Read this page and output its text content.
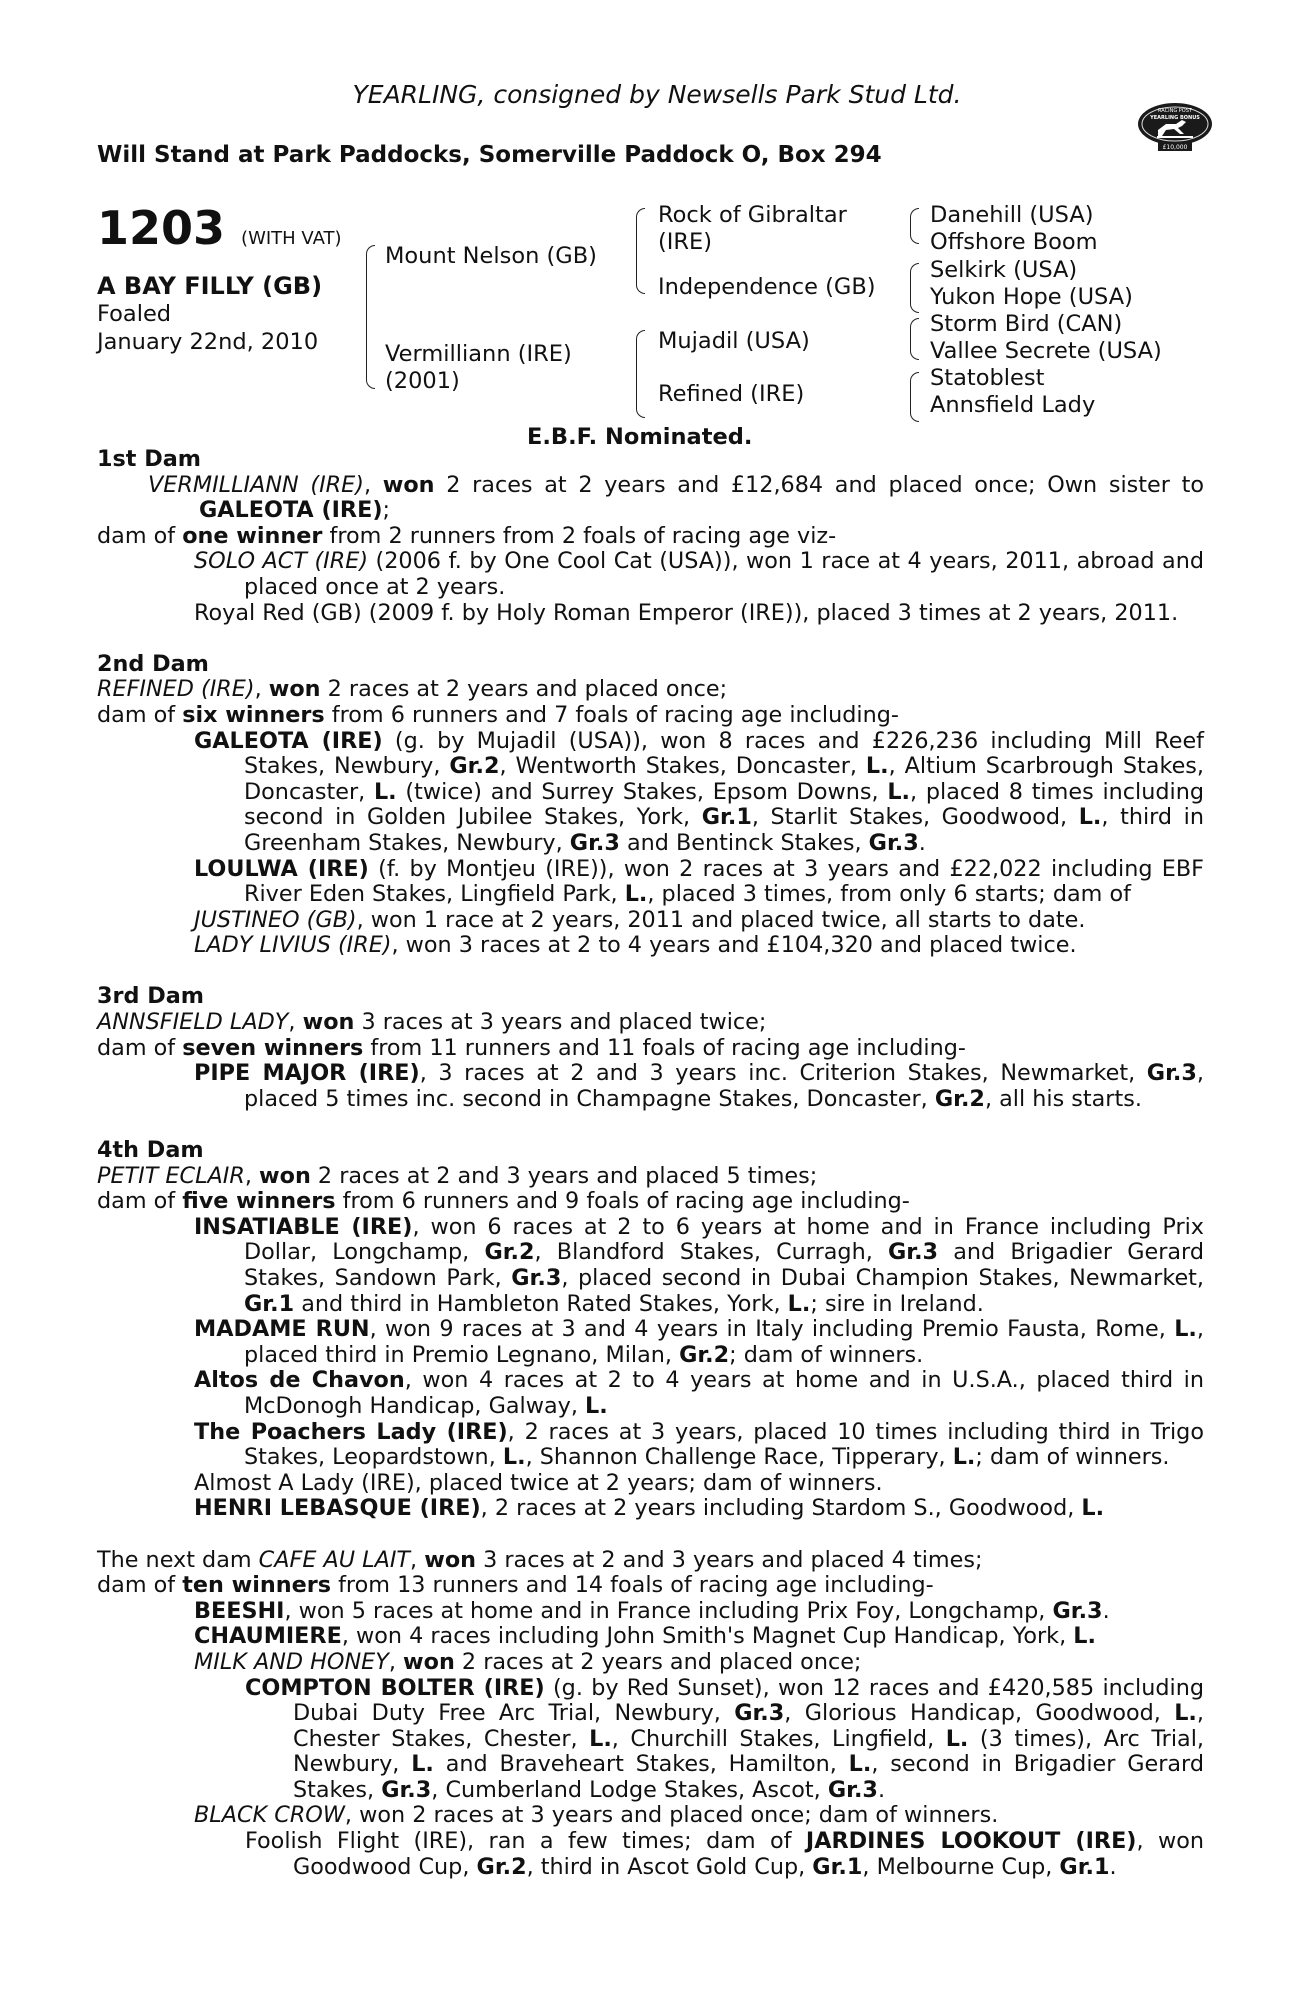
YEARLING, consigned by Newsells Park Stud Ltd.
Will Stand at Park Paddocks, Somerville Paddock O, Box 294
RACING POST
YEARLING BONUS
£10,000
1203 (WITH VAT)
A BAY FILLY (GB)
Foaled
January 22nd, 2010
Mount Nelson (GB)
Vermilliann (IRE)
(2001)
Rock of Gibraltar
(IRE)
Independence (GB)
Mujadil (USA)
Refined (IRE)
Danehill (USA)
Offshore Boom
Selkirk (USA)
Yukon Hope (USA)
Storm Bird (CAN)
Vallee Secrete (USA)
Statoblest
Annsfield Lady
E.B.F. Nominated.

1st Dam

VERMILLIANN (IRE), won 2 races at 2 years and £12,684 and placed once; Own sister to GALEOTA (IRE);

dam of one winner from 2 runners from 2 foals of racing age viz-

SOLO ACT (IRE) (2006 f. by One Cool Cat (USA)), won 1 race at 4 years, 2011, abroad and placed once at 2 years.

Royal Red (GB) (2009 f. by Holy Roman Emperor (IRE)), placed 3 times at 2 years, 2011.

2nd Dam

REFINED (IRE), won 2 races at 2 years and placed once;

dam of six winners from 6 runners and 7 foals of racing age including-

GALEOTA (IRE) (g. by Mujadil (USA)), won 8 races and £226,236 including Mill Reef Stakes, Newbury, Gr.2, Wentworth Stakes, Doncaster, L., Altium Scarbrough Stakes, Doncaster, L. (twice) and Surrey Stakes, Epsom Downs, L., placed 8 times including second in Golden Jubilee Stakes, York, Gr.1, Starlit Stakes, Goodwood, L., third in Greenham Stakes, Newbury, Gr.3 and Bentinck Stakes, Gr.3.

LOULWA (IRE) (f. by Montjeu (IRE)), won 2 races at 3 years and £22,022 including EBF River Eden Stakes, Lingfield Park, L., placed 3 times, from only 6 starts; dam of

JUSTINEO (GB), won 1 race at 2 years, 2011 and placed twice, all starts to date.

LADY LIVIUS (IRE), won 3 races at 2 to 4 years and £104,320 and placed twice.

3rd Dam

ANNSFIELD LADY, won 3 races at 3 years and placed twice;

dam of seven winners from 11 runners and 11 foals of racing age including-

PIPE MAJOR (IRE), 3 races at 2 and 3 years inc. Criterion Stakes, Newmarket, Gr.3, placed 5 times inc. second in Champagne Stakes, Doncaster, Gr.2, all his starts.

4th Dam

PETIT ECLAIR, won 2 races at 2 and 3 years and placed 5 times;

dam of five winners from 6 runners and 9 foals of racing age including-

INSATIABLE (IRE), won 6 races at 2 to 6 years at home and in France including Prix Dollar, Longchamp, Gr.2, Blandford Stakes, Curragh, Gr.3 and Brigadier Gerard Stakes, Sandown Park, Gr.3, placed second in Dubai Champion Stakes, Newmarket, Gr.1 and third in Hambleton Rated Stakes, York, L.; sire in Ireland.

MADAME RUN, won 9 races at 3 and 4 years in Italy including Premio Fausta, Rome, L., placed third in Premio Legnano, Milan, Gr.2; dam of winners.

Altos de Chavon, won 4 races at 2 to 4 years at home and in U.S.A., placed third in McDonogh Handicap, Galway, L.

The Poachers Lady (IRE), 2 races at 3 years, placed 10 times including third in Trigo Stakes, Leopardstown, L., Shannon Challenge Race, Tipperary, L.; dam of winners.

Almost A Lady (IRE), placed twice at 2 years; dam of winners.

HENRI LEBASQUE (IRE), 2 races at 2 years including Stardom S., Goodwood, L.

The next dam CAFE AU LAIT, won 3 races at 2 and 3 years and placed 4 times;

dam of ten winners from 13 runners and 14 foals of racing age including-

BEESHI, won 5 races at home and in France including Prix Foy, Longchamp, Gr.3.

CHAUMIERE, won 4 races including John Smith's Magnet Cup Handicap, York, L.

MILK AND HONEY, won 2 races at 2 years and placed once;

COMPTON BOLTER (IRE) (g. by Red Sunset), won 12 races and £420,585 including Dubai Duty Free Arc Trial, Newbury, Gr.3, Glorious Handicap, Goodwood, L., Chester Stakes, Chester, L., Churchill Stakes, Lingfield, L. (3 times), Arc Trial, Newbury, L. and Braveheart Stakes, Hamilton, L., second in Brigadier Gerard Stakes, Gr.3, Cumberland Lodge Stakes, Ascot, Gr.3.

BLACK CROW, won 2 races at 3 years and placed once; dam of winners.

Foolish Flight (IRE), ran a few times; dam of JARDINES LOOKOUT (IRE), won Goodwood Cup, Gr.2, third in Ascot Gold Cup, Gr.1, Melbourne Cup, Gr.1.
